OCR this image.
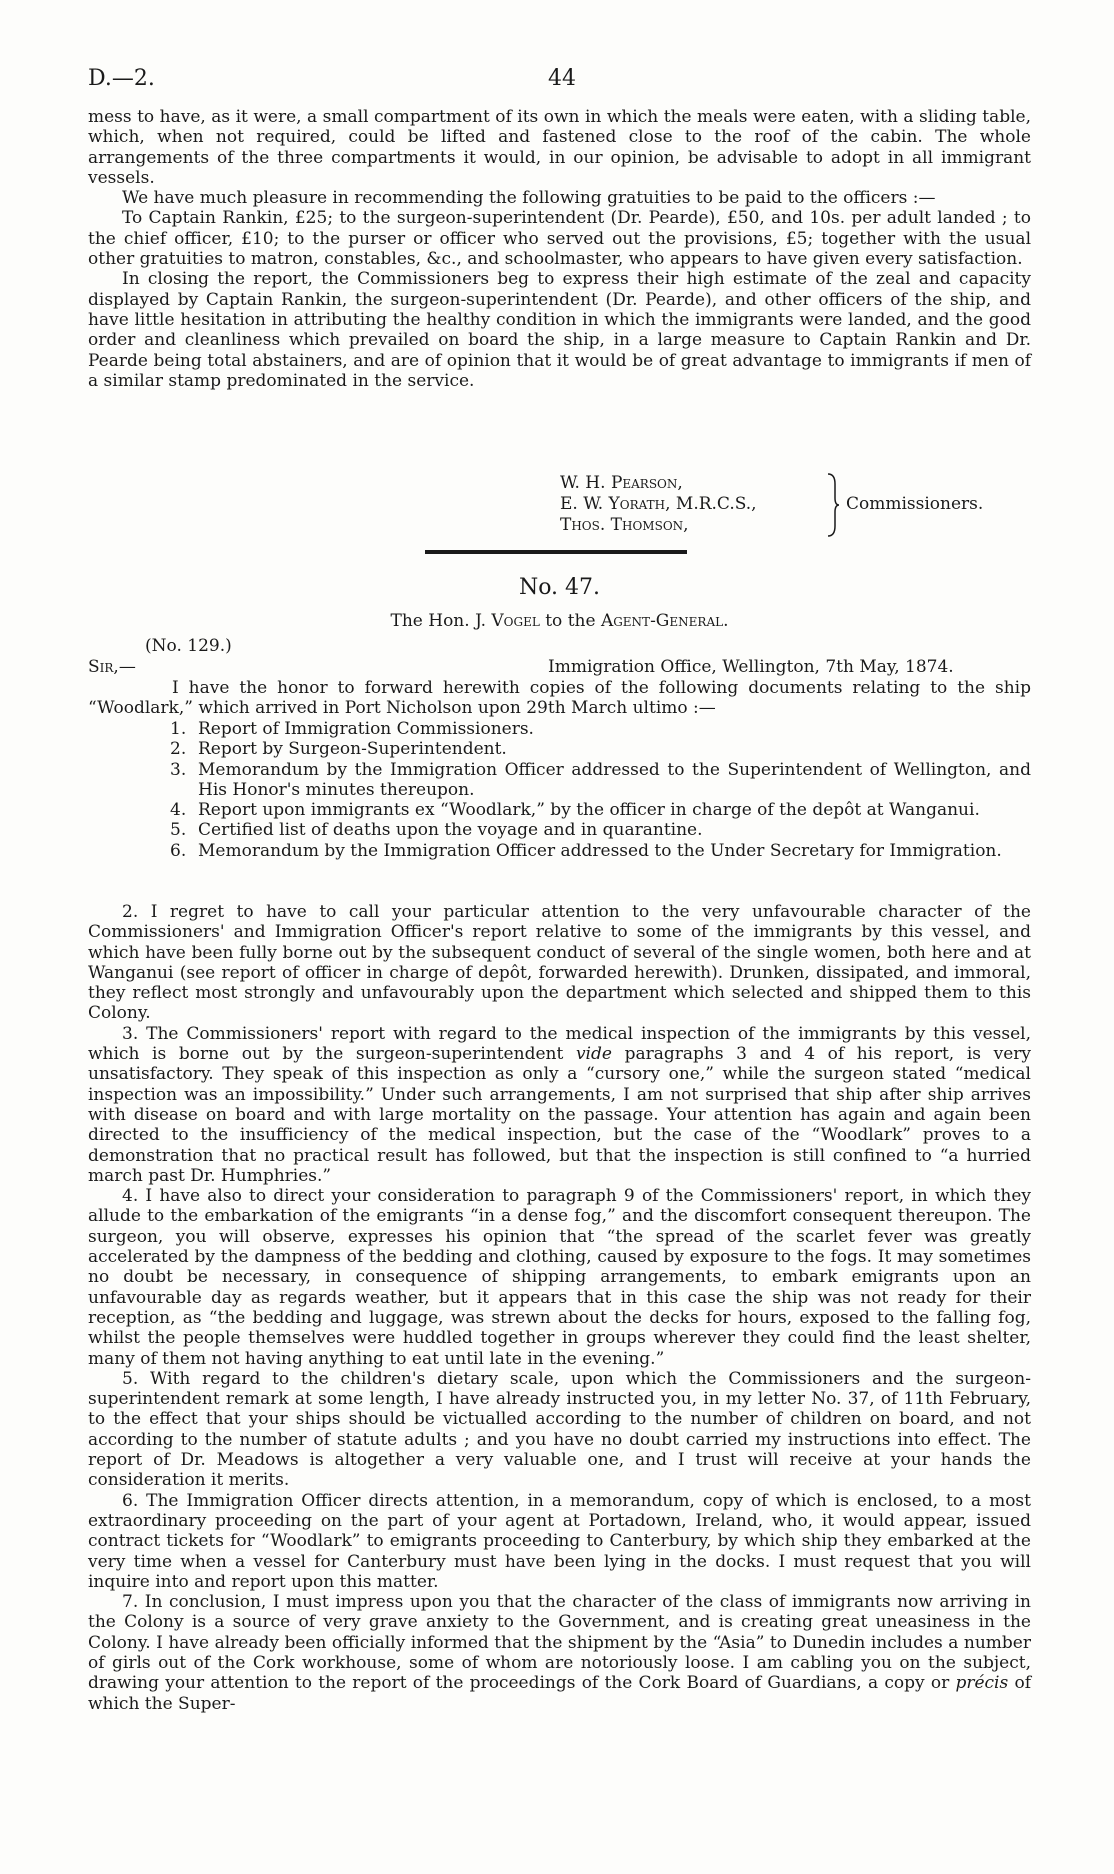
D.—2.	44

mess to have, as it were, a small compartment of its own in which the meals were eaten, with a sliding table, which, when not required, could be lifted and fastened close to the roof of the cabin. The whole arrangements of the three compartments it would, in our opinion, be advisable to adopt in all immigrant vessels.

We have much pleasure in recommending the following gratuities to be paid to the officers :—

To Captain Rankin, £25; to the surgeon-superintendent (Dr. Pearde), £50, and 10s. per adult landed ; to the chief officer, £10; to the purser or officer who served out the provisions, £5; together with the usual other gratuities to matron, constables, &c., and schoolmaster, who appears to have given every satisfaction.

In closing the report, the Commissioners beg to express their high estimate of the zeal and capacity displayed by Captain Rankin, the surgeon-superintendent (Dr. Pearde), and other officers of the ship, and have little hesitation in attributing the healthy condition in which the immigrants were landed, and the good order and cleanliness which prevailed on board the ship, in a large measure to Captain Rankin and Dr. Pearde being total abstainers, and are of opinion that it would be of great advantage to immigrants if men of a similar stamp predominated in the service.

W. H. Pearson,
E. W. Yorath, M.R.C.S.,
Thos. Thomson,
Commissioners.
No. 47.
The Hon. J. Vogel to the Agent-General.
(No. 129.)
Sir,—	Immigration Office, Wellington, 7th May, 1874.

I have the honor to forward herewith copies of the following documents relating to the ship “Woodlark,” which arrived in Port Nicholson upon 29th March ultimo :—

1. Report of Immigration Commissioners.
2. Report by Surgeon-Superintendent.
3. Memorandum by the Immigration Officer addressed to the Superintendent of Wellington, and His Honor's minutes thereupon.
4. Report upon immigrants ex “Woodlark,” by the officer in charge of the depôt at Wanganui.
5. Certified list of deaths upon the voyage and in quarantine.
6. Memorandum by the Immigration Officer addressed to the Under Secretary for Immigration.

2. I regret to have to call your particular attention to the very unfavourable character of the Commissioners' and Immigration Officer's report relative to some of the immigrants by this vessel, and which have been fully borne out by the subsequent conduct of several of the single women, both here and at Wanganui (see report of officer in charge of depôt, forwarded herewith). Drunken, dissipated, and immoral, they reflect most strongly and unfavourably upon the department which selected and shipped them to this Colony.

3. The Commissioners' report with regard to the medical inspection of the immigrants by this vessel, which is borne out by the surgeon-superintendent vide paragraphs 3 and 4 of his report, is very unsatisfactory. They speak of this inspection as only a “cursory one,” while the surgeon stated “medical inspection was an impossibility.” Under such arrangements, I am not surprised that ship after ship arrives with disease on board and with large mortality on the passage. Your attention has again and again been directed to the insufficiency of the medical inspection, but the case of the “Woodlark” proves to a demonstration that no practical result has followed, but that the inspection is still confined to “a hurried march past Dr. Humphries.”

4. I have also to direct your consideration to paragraph 9 of the Commissioners' report, in which they allude to the embarkation of the emigrants “in a dense fog,” and the discomfort consequent thereupon. The surgeon, you will observe, expresses his opinion that “the spread of the scarlet fever was greatly accelerated by the dampness of the bedding and clothing, caused by exposure to the fogs. It may sometimes no doubt be necessary, in consequence of shipping arrangements, to embark emigrants upon an unfavourable day as regards weather, but it appears that in this case the ship was not ready for their reception, as “the bedding and luggage, was strewn about the decks for hours, exposed to the falling fog, whilst the people themselves were huddled together in groups wherever they could find the least shelter, many of them not having anything to eat until late in the evening.”

5. With regard to the children's dietary scale, upon which the Commissioners and the surgeon-superintendent remark at some length, I have already instructed you, in my letter No. 37, of 11th February, to the effect that your ships should be victualled according to the number of children on board, and not according to the number of statute adults ; and you have no doubt carried my instructions into effect. The report of Dr. Meadows is altogether a very valuable one, and I trust will receive at your hands the consideration it merits.

6. The Immigration Officer directs attention, in a memorandum, copy of which is enclosed, to a most extraordinary proceeding on the part of your agent at Portadown, Ireland, who, it would appear, issued contract tickets for “Woodlark” to emigrants proceeding to Canterbury, by which ship they embarked at the very time when a vessel for Canterbury must have been lying in the docks. I must request that you will inquire into and report upon this matter.

7. In conclusion, I must impress upon you that the character of the class of immigrants now arriving in the Colony is a source of very grave anxiety to the Government, and is creating great uneasiness in the Colony. I have already been officially informed that the shipment by the “Asia” to Dunedin includes a number of girls out of the Cork workhouse, some of whom are notoriously loose. I am cabling you on the subject, drawing your attention to the report of the proceedings of the Cork Board of Guardians, a copy or précis of which the Super-
